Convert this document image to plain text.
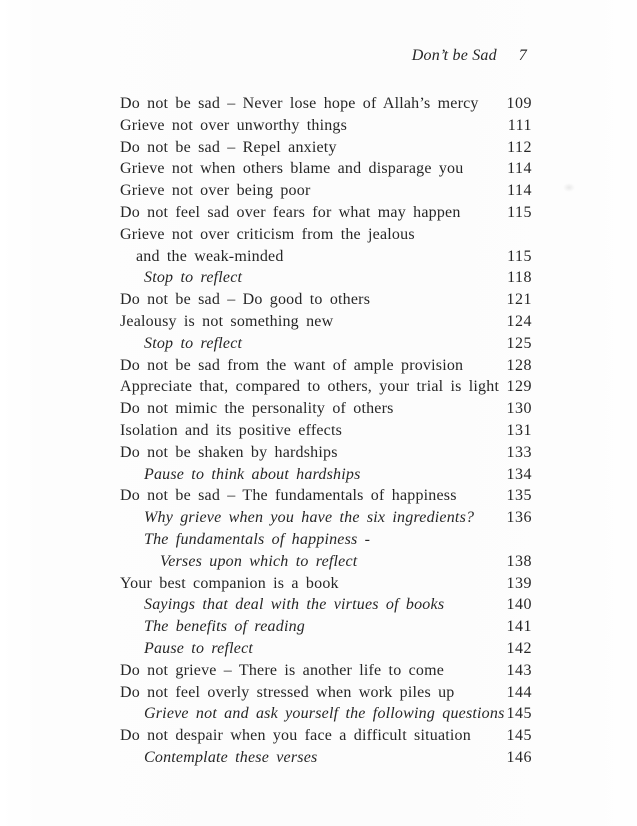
Don’t be Sad 7
Do not be sad – Never lose hope of Allah’s mercy	109
Grieve not over unworthy things	111
Do not be sad – Repel anxiety	112
Grieve not when others blame and disparage you	114
Grieve not over being poor	114
Do not feel sad over fears for what may happen	115
Grieve not over criticism from the jealous
and the weak-minded	115
Stop to reflect	118
Do not be sad – Do good to others	121
Jealousy is not something new	124
Stop to reflect	125
Do not be sad from the want of ample provision	128
Appreciate that, compared to others, your trial is light 129
Do not mimic the personality of others	130
Isolation and its positive effects	131
Do not be shaken by hardships	133
Pause to think about hardships	134
Do not be sad – The fundamentals of happiness	135
Why grieve when you have the six ingredients?	136
The fundamentals of happiness -
Verses upon which to reflect	138
Your best companion is a book	139
Sayings that deal with the virtues of books	140
The benefits of reading	141
Pause to reflect	142
Do not grieve – There is another life to come	143
Do not feel overly stressed when work piles up	144
Grieve not and ask yourself the following questions 145
Do not despair when you face a difficult situation	145
Contemplate these verses	146
